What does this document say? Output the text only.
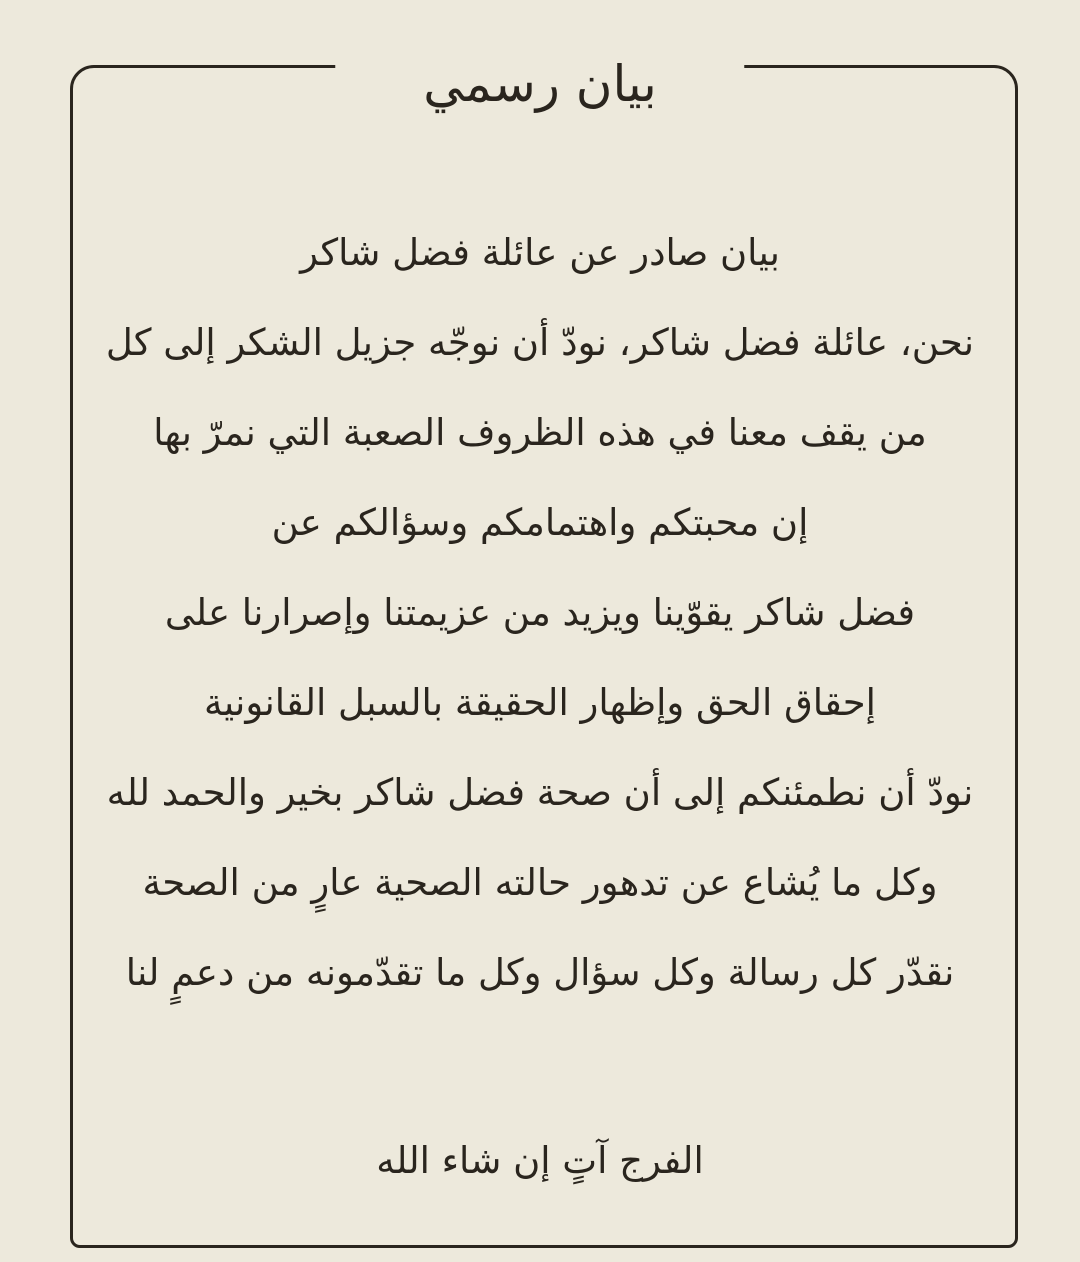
بيان رسمي
بيان صادر عن عائلة فضل شاكر
نحن، عائلة فضل شاكر، نودّ أن نوجّه جزيل الشكر إلى كل
من يقف معنا في هذه الظروف الصعبة التي نمرّ بها
إن محبتكم واهتمامكم وسؤالكم عن
فضل شاكر يقوّينا ويزيد من عزيمتنا وإصرارنا على
إحقاق الحق وإظهار الحقيقة بالسبل القانونية
نودّ أن نطمئنكم إلى أن صحة فضل شاكر بخير والحمد لله
وكل ما يُشاع عن تدهور حالته الصحية عارٍ من الصحة
نقدّر كل رسالة وكل سؤال وكل ما تقدّمونه من دعمٍ لنا
الفرج آتٍ إن شاء الله
